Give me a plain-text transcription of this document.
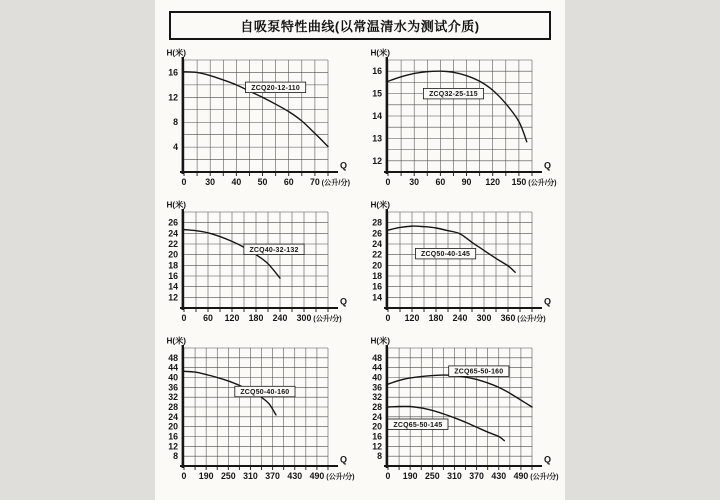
自吸泵特性曲线(以常温清水为测试介质)
H(米)
Q
16
12
8
4
0 30 40 50 60 70 (公升/分)
ZCQ20-12-110
H(米)
Q
16
15
14
13
12
0 30 60 90 120 150 (公升/分)
ZCQ32-25-115
H(米)
Q
26
24
22
20
18
16
14
12
0 60 120 180 240 300 (公升/分)
ZCQ40-32-132
H(米)
Q
28
26
24
22
20
18
16
14
0 120 180 240 300 360 (公升/分)
ZCQ50-40-145
H(米)
Q
48
44
40
36
32
28
24
20
16
12
8
0 190 250 310 370 430 490 (公升/分)
ZCQ50-40-160
H(米)
Q
48
44
40
36
32
28
24
20
16
12
8
0 190 250 310 370 430 490 (公升/分)
ZCQ65-50-160
ZCQ65-50-145
